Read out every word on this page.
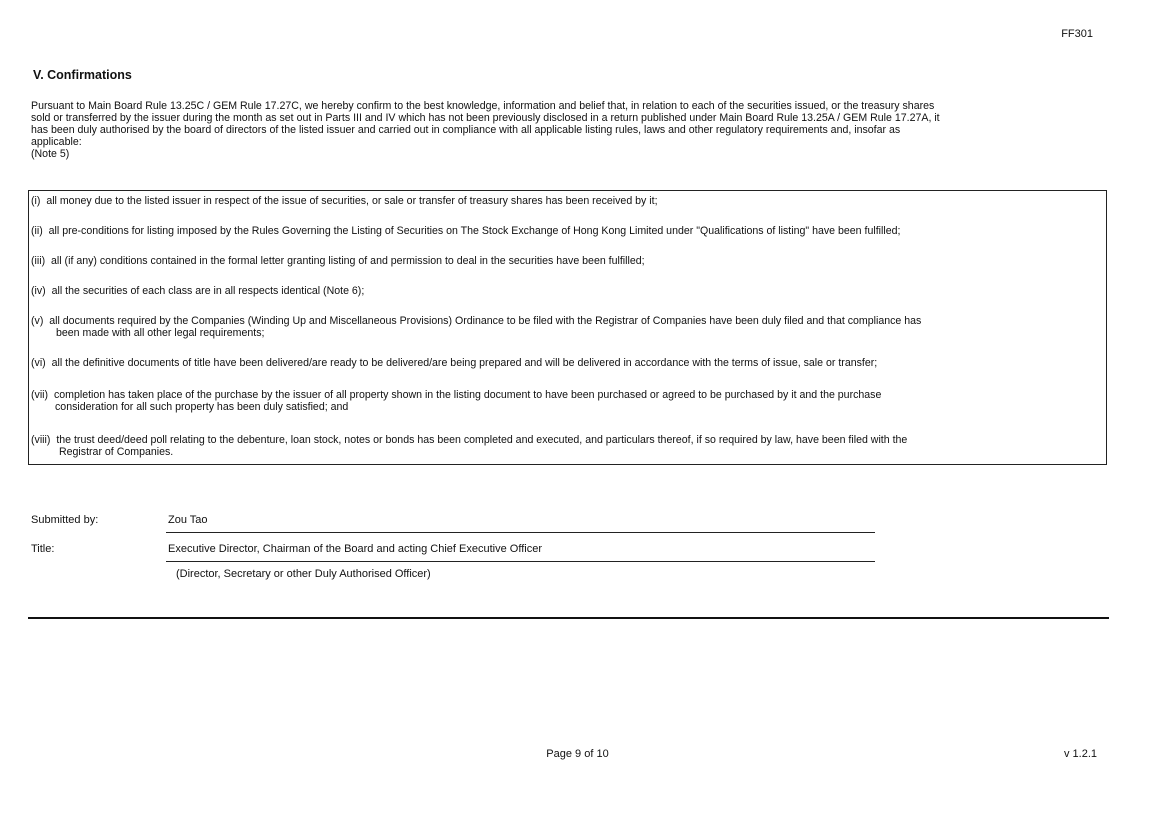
FF301
V. Confirmations

Pursuant to Main Board Rule 13.25C / GEM Rule 17.27C, we hereby confirm to the best knowledge, information and belief that, in relation to each of the securities issued, or the treasury shares

sold or transferred by the issuer during the month as set out in Parts III and IV which has not been previously disclosed in a return published under Main Board Rule 13.25A / GEM Rule 17.27A, it

has been duly authorised by the board of directors of the listed issuer and carried out in compliance with all applicable listing rules, laws and other regulatory requirements and, insofar as

applicable:

(Note 5)

(i) all money due to the listed issuer in respect of the issue of securities, or sale or transfer of treasury shares has been received by it;
(ii) all pre-conditions for listing imposed by the Rules Governing the Listing of Securities on The Stock Exchange of Hong Kong Limited under "Qualifications of listing" have been fulfilled;
(iii) all (if any) conditions contained in the formal letter granting listing of and permission to deal in the securities have been fulfilled;
(iv) all the securities of each class are in all respects identical (Note 6);
(v) all documents required by the Companies (Winding Up and Miscellaneous Provisions) Ordinance to be filed with the Registrar of Companies have been duly filed and that compliance has
been made with all other legal requirements;
(vi) all the definitive documents of title have been delivered/are ready to be delivered/are being prepared and will be delivered in accordance with the terms of issue, sale or transfer;
(vii) completion has taken place of the purchase by the issuer of all property shown in the listing document to have been purchased or agreed to be purchased by it and the purchase
consideration for all such property has been duly satisfied; and
(viii) the trust deed/deed poll relating to the debenture, loan stock, notes or bonds has been completed and executed, and particulars thereof, if so required by law, have been filed with the
Registrar of Companies.
Submitted by:	Zou Tao
Title:	Executive Director, Chairman of the Board and acting Chief Executive Officer
(Director, Secretary or other Duly Authorised Officer)
Page 9 of 10	v 1.2.1
